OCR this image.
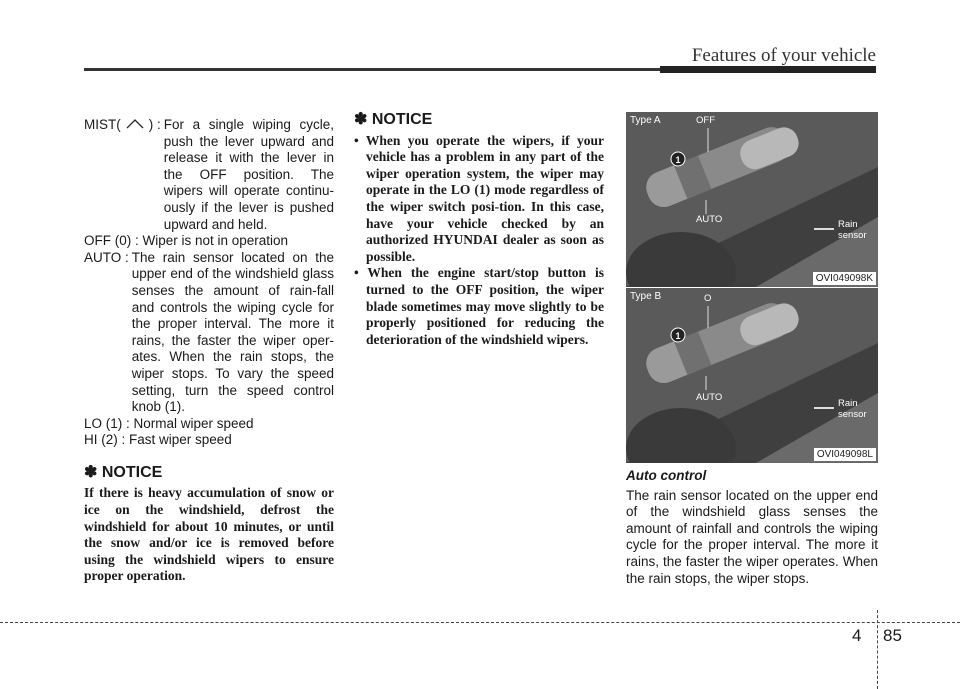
Features of your vehicle
MIST( ) : For a single wiping cycle, push the lever upward and release it with the lever in the OFF position. The wipers will operate continu-ously if the lever is pushed upward and held.

OFF (0) : Wiper is not in operation

AUTO : The rain sensor located on the upper end of the windshield glass senses the amount of rain-fall and controls the wiping cycle for the proper interval. The more it rains, the faster the wiper oper-ates. When the rain stops, the wiper stops. To vary the speed setting, turn the speed control knob (1).

LO (1) : Normal wiper speed

HI (2) : Fast wiper speed

✽ NOTICE

If there is heavy accumulation of snow or ice on the windshield, defrost the windshield for about 10 minutes, or until the snow and/or ice is removed before using the windshield wipers to ensure proper operation.

✽ NOTICE
• When you operate the wipers, if your vehicle has a problem in any part of the wiper operation system, the wiper may operate in the LO (1) mode regardless of the wiper switch posi-tion. In this case, have your vehicle checked by an authorized HYUNDAI dealer as soon as possible.
• When the engine start/stop button is turned to the OFF position, the wiper blade sometimes may move slightly to be properly positioned for reducing the deterioration of the windshield wipers.
Type A	OFF
1
AUTO	Rain sensor
OVI049098K
Type B	O
1
AUTO
Rain sensor
OVI049098L

Auto control

The rain sensor located on the upper end of the windshield glass senses the amount of rainfall and controls the wiping cycle for the proper interval. The more it rains, the faster the wiper operates. When the rain stops, the wiper stops.

4 85
